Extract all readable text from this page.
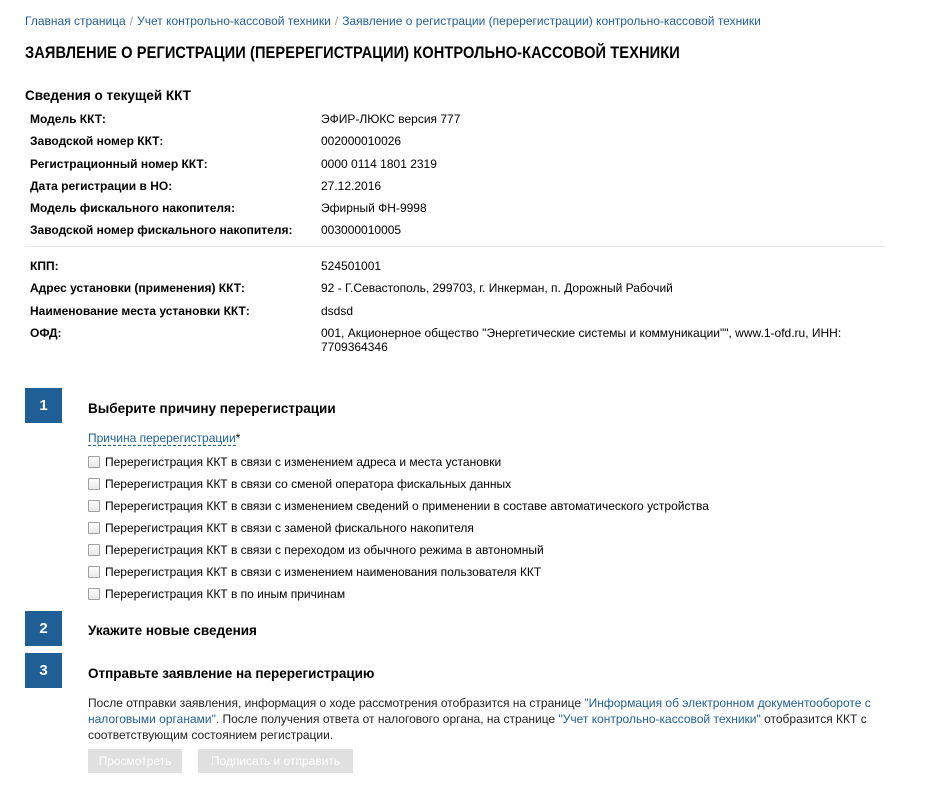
Главная страница / Учет контрольно-кассовой техники / Заявление о регистрации (перерегистрации) контрольно-кассовой техники
ЗАЯВЛЕНИЕ О РЕГИСТРАЦИИ (ПЕРЕРЕГИСТРАЦИИ) КОНТРОЛЬНО-КАССОВОЙ ТЕХНИКИ
Сведения о текущей ККТ
Модель ККТ:	ЭФИР-ЛЮКС версия 777
Заводской номер ККТ:	002000010026
Регистрационный номер ККТ:	0000 0114 1801 2319
Дата регистрации в НО:	27.12.2016
Модель фискального накопителя:	Эфирный ФН-9998
Заводской номер фискального накопителя: 003000010005
КПП:	524501001
Адрес установки (применения) ККТ:	92 - Г.Севастополь, 299703, г. Инкерман, п. Дорожный Рабочий
Наименование места установки ККТ:	dsdsd
ОФД:	001, Акционерное общество "Энергетические системы и коммуникации"", www.1-ofd.ru, ИНН: 7709364346
1	Выберите причину перерегистрации
Причина перерегистрации*
Перерегистрация ККТ в связи с изменением адреса и места установки
Перерегистрация ККТ в связи со сменой оператора фискальных данных
Перерегистрация ККТ в связи с изменением сведений о применении в составе автоматического устройства
Перерегистрация ККТ в связи с заменой фискального накопителя
Перерегистрация ККТ в связи с переходом из обычного режима в автономный
Перерегистрация ККТ в связи с изменением наименования пользователя ККТ
Перерегистрация ККТ в по иным причинам
2	Укажите новые сведения
3	Отправьте заявление на перерегистрацию
После отправки заявления, информация о ходе рассмотрения отобразится на странице "Информация об электронном документообороте с налоговыми органами". После получения ответа от налогового органа, на странице "Учет контрольно-кассовой техники" отобразится ККТ с соответствующим состоянием регистрации.
Просмотреть	Подписать и отправить
